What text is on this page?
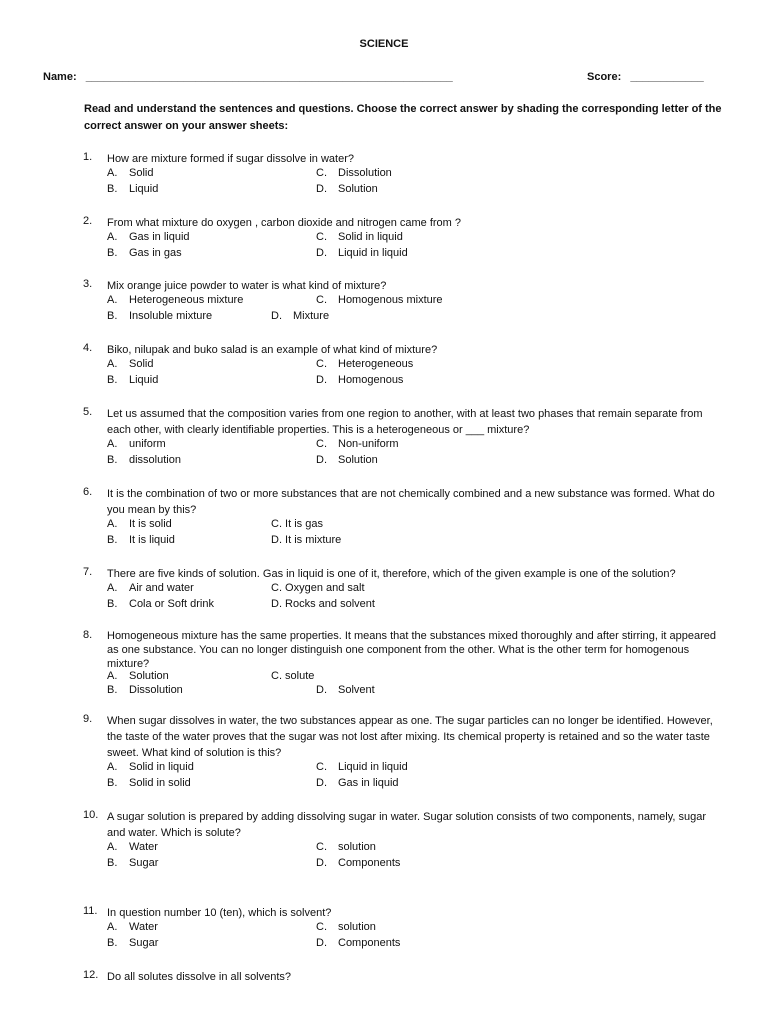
SCIENCE
Name: ____________________________________________________________	Score: ____________
Read and understand the sentences and questions. Choose the correct answer by shading the corresponding letter of the correct answer on your answer sheets:
1. How are mixture formed if sugar dissolve in water?
A. Solid	C. Dissolution
B. Liquid	D. Solution
2. From what mixture do oxygen , carbon dioxide and nitrogen came from ?
A. Gas in liquid	C. Solid in liquid
B. Gas in gas	D. Liquid in liquid
3. Mix orange juice powder to water is what kind of mixture?
A. Heterogeneous mixture	C. Homogenous mixture
B. Insoluble mixture	D. Mixture
4. Biko, nilupak and buko salad is an example of what kind of mixture?
A. Solid	C. Heterogeneous
B. Liquid	D. Homogenous
5. Let us assumed that the composition varies from one region to another, with at least two phases that remain separate from each other, with clearly identifiable properties. This is a heterogeneous or ___ mixture?
A. uniform	C. Non-uniform
B. dissolution	D. Solution
6. It is the combination of two or more substances that are not chemically combined and a new substance was formed. What do you mean by this?
A. It is solid	C. It is gas
B. It is liquid	D. It is mixture
7. There are five kinds of solution. Gas in liquid is one of it, therefore, which of the given example is one of the solution?
A. Air and water	C. Oxygen and salt
B. Cola or Soft drink	D. Rocks and solvent
8. Homogeneous mixture has the same properties. It means that the substances mixed thoroughly and after stirring, it appeared as one substance. You can no longer distinguish one component from the other. What is the other term for homogenous mixture?
A. Solution	C. solute
B. Dissolution	D. Solvent
9. When sugar dissolves in water, the two substances appear as one. The sugar particles can no longer be identified. However, the taste of the water proves that the sugar was not lost after mixing. Its chemical property is retained and so the water taste sweet. What kind of solution is this?
A. Solid in liquid	C. Liquid in liquid
B. Solid in solid	D. Gas in liquid
10. A sugar solution is prepared by adding dissolving sugar in water. Sugar solution consists of two components, namely, sugar and water. Which is solute?
A. Water	C. solution
B. Sugar	D. Components
11. In question number 10 (ten), which is solvent?
A. Water	C. solution
B. Sugar	D. Components
12. Do all solutes dissolve in all solvents?
